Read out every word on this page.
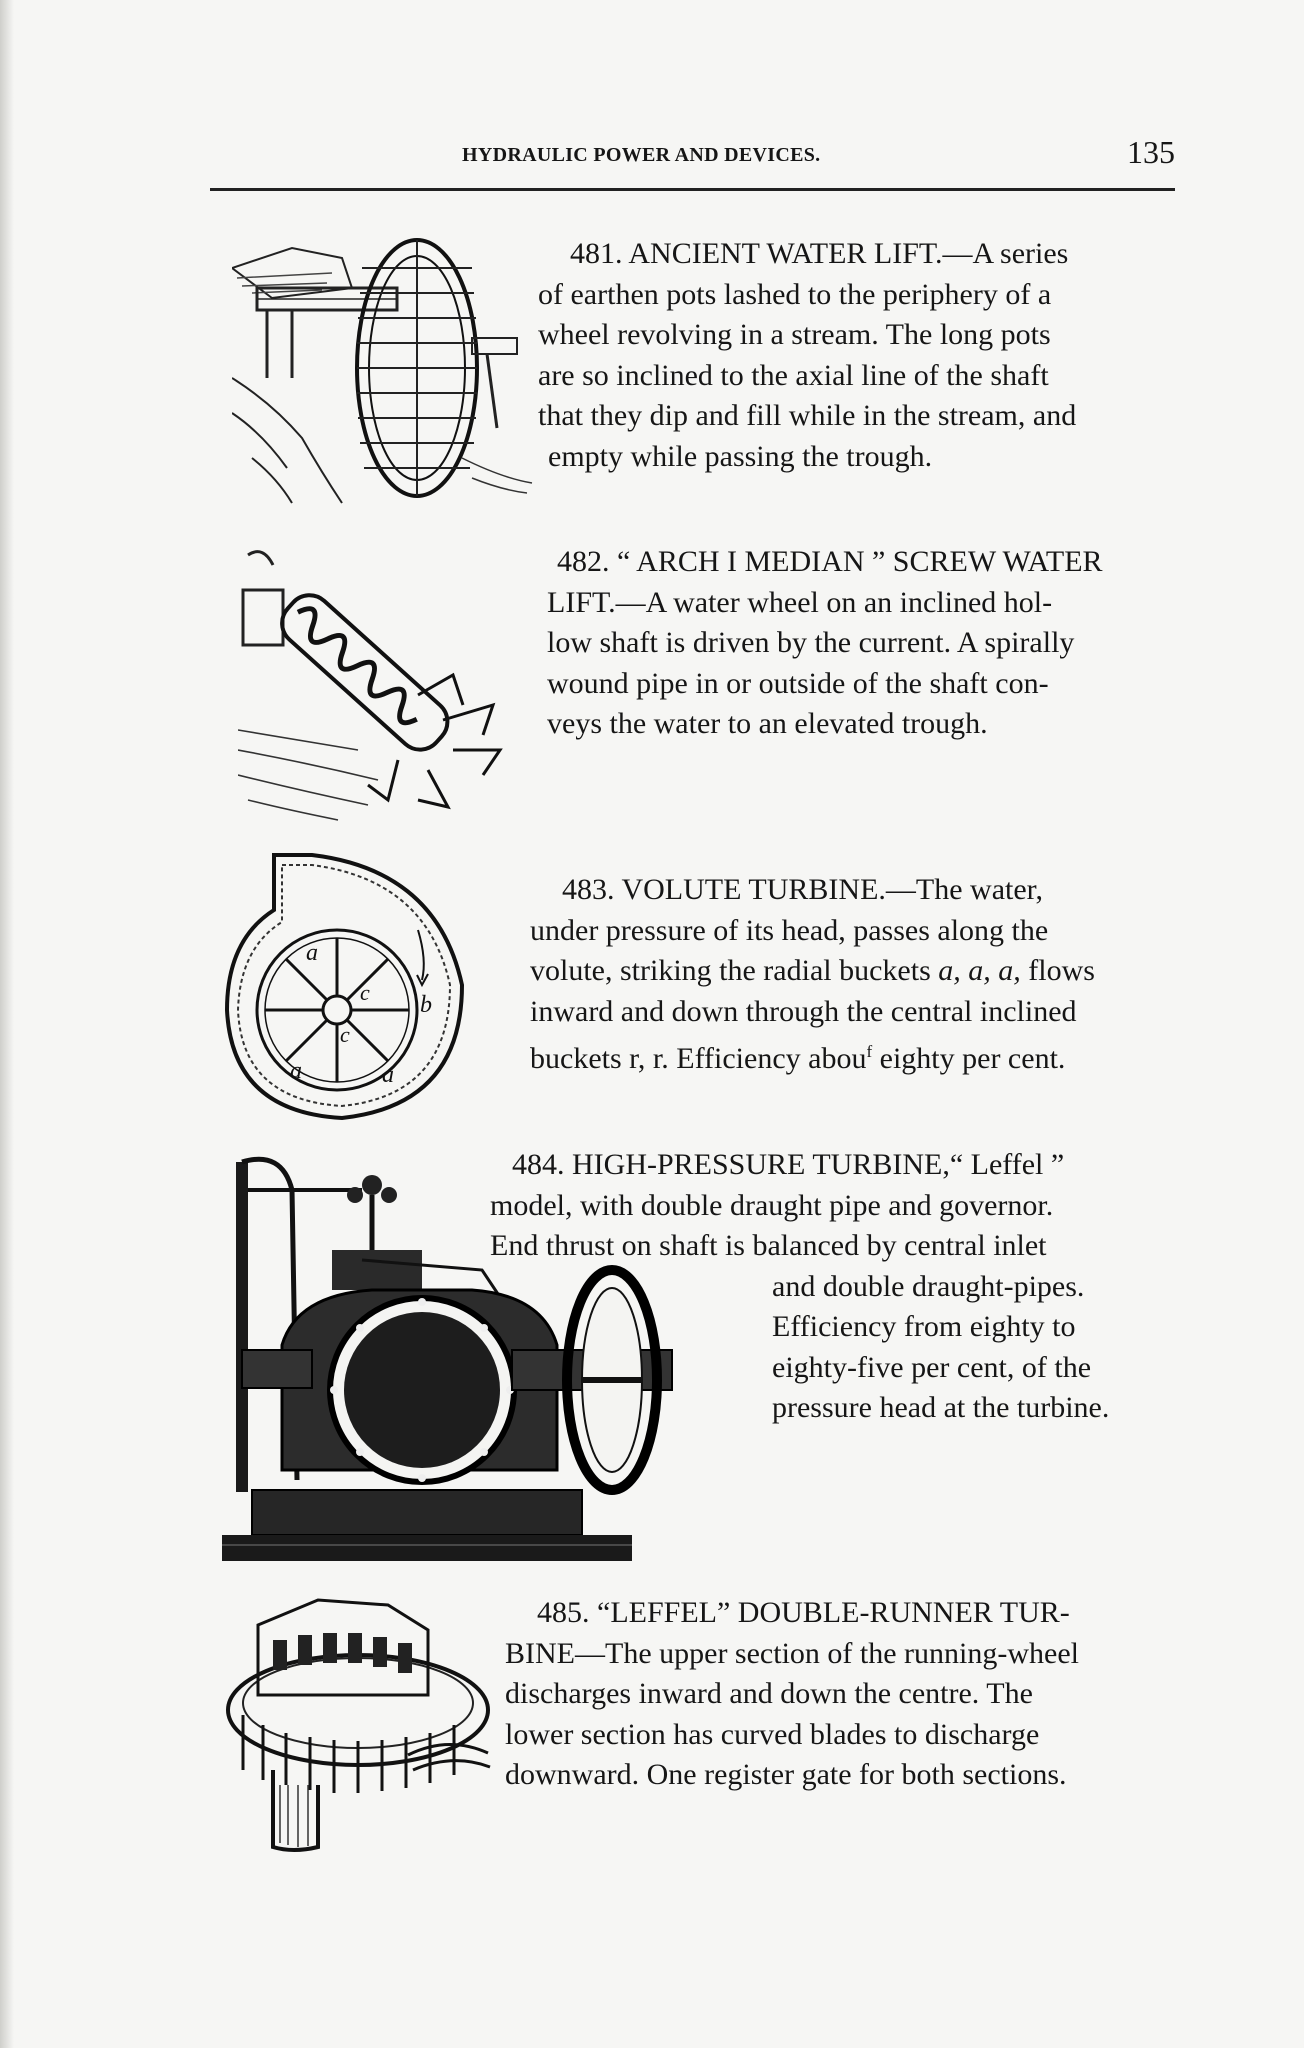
HYDRAULIC POWER AND DEVICES.	135

481. ANCIENT WATER LIFT.—A series

of earthen pots lashed to the periphery of a

wheel revolving in a stream. The long pots

are so inclined to the axial line of the shaft

that they dip and fill while in the stream, and

empty while passing the trough.

482. “ ARCH I MEDIAN ” SCREW WATER

LIFT.—A water wheel on an inclined hol-

low shaft is driven by the current. A spirally

wound pipe in or outside of the shaft con-

veys the water to an elevated trough.

a
c b
c
a	a

483. VOLUTE TURBINE.—The water,

under pressure of its head, passes along the

volute, striking the radial buckets a, a, a, flows

inward and down through the central inclined

buckets r, r. Efficiency abou$^f$ eighty per cent.

484. HIGH-PRESSURE TURBINE,“ Leffel ”

model, with double draught pipe and governor.

End thrust on shaft is balanced by central inlet

and double draught-pipes.

Efficiency from eighty to

eighty-five per cent, of the

pressure head at the turbine.

485. “LEFFEL” DOUBLE-RUNNER TUR-

BINE—The upper section of the running-wheel

discharges inward and down the centre. The

lower section has curved blades to discharge

downward. One register gate for both sections.
